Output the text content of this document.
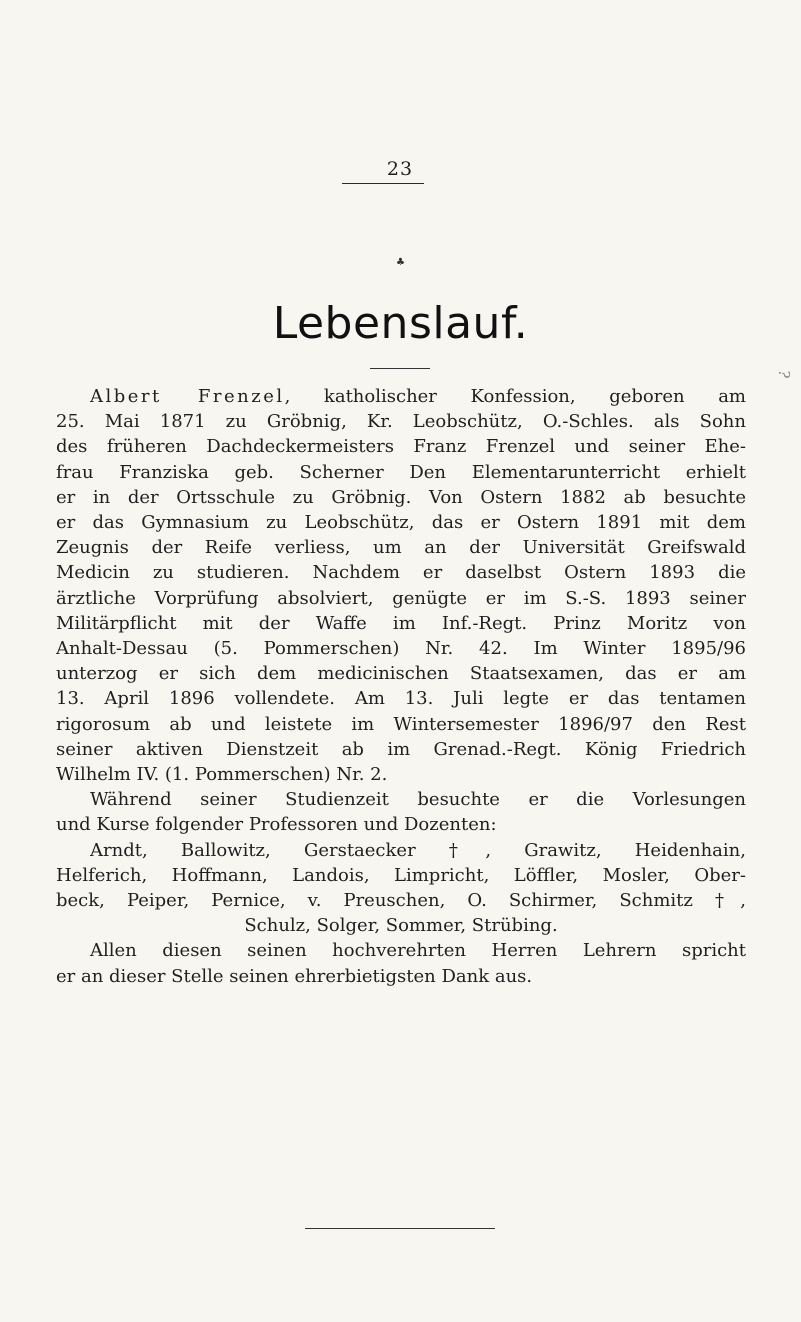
23
♣
Lebenslauf.
?
Albert Frenzel, katholischer Konfession, geboren am
25. Mai 1871 zu Gröbnig, Kr. Leobschütz, O.-Schles. als Sohn
des früheren Dachdeckermeisters Franz Frenzel und seiner Ehe-
frau Franziska geb. Scherner Den Elementarunterricht erhielt
er in der Ortsschule zu Gröbnig. Von Ostern 1882 ab besuchte
er das Gymnasium zu Leobschütz, das er Ostern 1891 mit dem
Zeugnis der Reife verliess, um an der Universität Greifswald
Medicin zu studieren. Nachdem er daselbst Ostern 1893 die
ärztliche Vorprüfung absolviert, genügte er im S.-S. 1893 seiner
Militärpflicht mit der Waffe im Inf.-Regt. Prinz Moritz von
Anhalt-Dessau (5. Pommerschen) Nr. 42. Im Winter 1895/96
unterzog er sich dem medicinischen Staatsexamen, das er am
13. April 1896 vollendete. Am 13. Juli legte er das tentamen
rigorosum ab und leistete im Wintersemester 1896/97 den Rest
seiner aktiven Dienstzeit ab im Grenad.-Regt. König Friedrich
Wilhelm IV. (1. Pommerschen) Nr. 2.
Während seiner Studienzeit besuchte er die Vorlesungen
und Kurse folgender Professoren und Dozenten:
Arndt, Ballowitz, Gerstaecker †, Grawitz, Heidenhain,
Helferich, Hoffmann, Landois, Limpricht, Löffler, Mosler, Ober-
beck, Peiper, Pernice, v. Preuschen, O. Schirmer, Schmitz †,
Schulz, Solger, Sommer, Strübing.
Allen diesen seinen hochverehrten Herren Lehrern spricht
er an dieser Stelle seinen ehrerbietigsten Dank aus.
